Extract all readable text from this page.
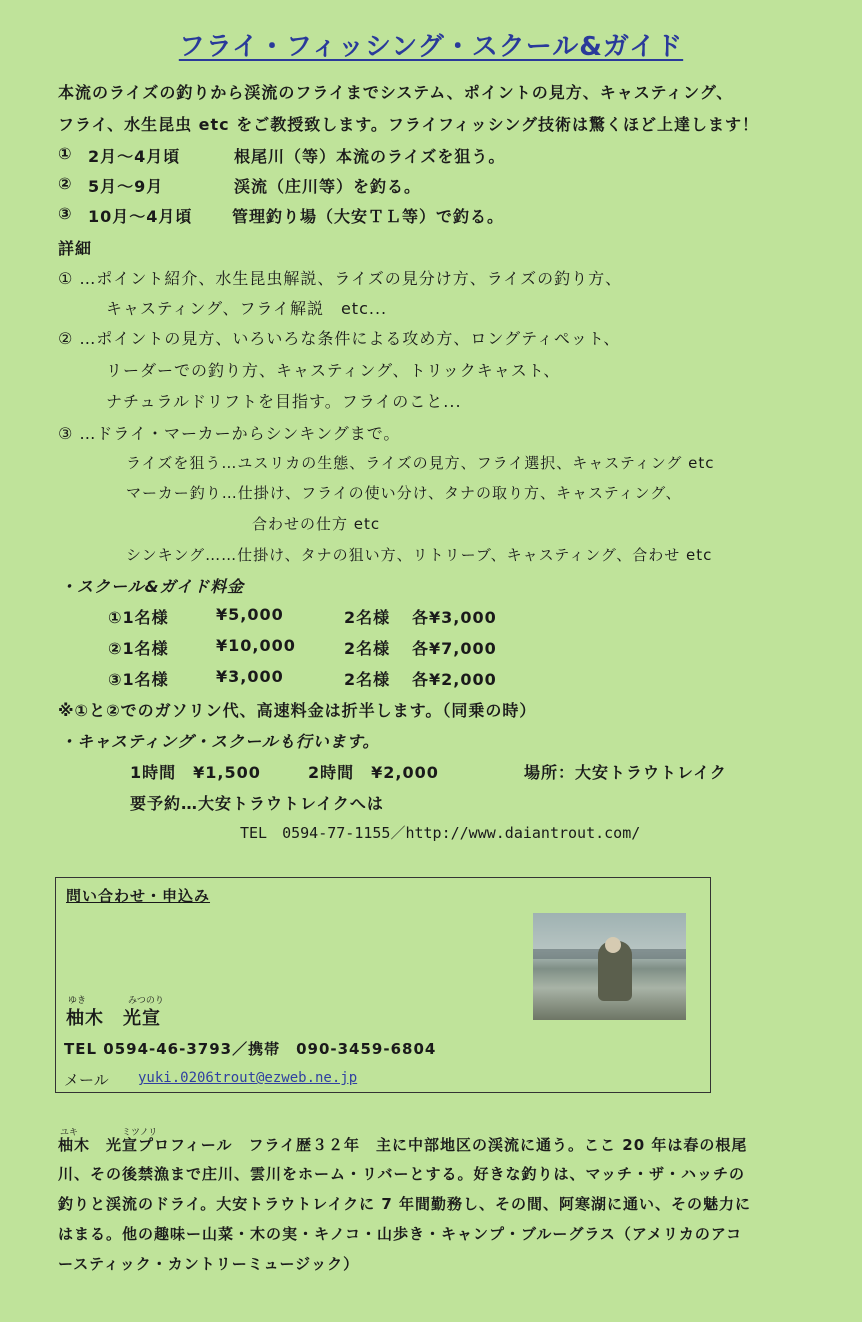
フライ・フィッシング・スクール&ガイド
本流のライズの釣りから渓流のフライまでシステム、ポイントの見方、キャスティング、
フライ、水生昆虫 etc をご教授致します。フライフィッシング技術は驚くほど上達します！
① 2月～4月頃	根尾川（等）本流のライズを狙う。
② 5月～9月	渓流（庄川等）を釣る。
③ 10月～4月頃 管理釣り場（大安ＴＬ等）で釣る。
詳細
① …ポイント紹介、水生昆虫解説、ライズの見分け方、ライズの釣り方、
キャスティング、フライ解説　etc...
② …ポイントの見方、いろいろな条件による攻め方、ロングティペット、
リーダーでの釣り方、キャスティング、トリックキャスト、
ナチュラルドリフトを目指す。フライのこと...
③ …ドライ・マーカーからシンキングまで。
ライズを狙う…ユスリカの生態、ライズの見方、フライ選択、キャスティング etc
マーカー釣り…仕掛け、フライの使い分け、タナの取り方、キャスティング、
合わせの仕方 etc
シンキング……仕掛け、タナの狙い方、リトリーブ、キャスティング、合わせ etc
・スクール&ガイド料金
①1名様	¥5,000	2名様 各¥3,000
②1名様	¥10,000	2名様 各¥7,000
③1名様	¥3,000	2名様 各¥2,000
※①と②でのガソリン代、高速料金は折半します。（同乗の時）
・キャスティング・スクールも行います。
1時間　¥1,500	2時間　¥2,000	場所：大安トラウトレイク
要予約…大安トラウトレイクへは
TEL　0594-77-1155／http://www.daiantrout.com/
問い合わせ・申込み
ゆき	みつのり
柚木　光宣
TEL 0594-46-3793／携帯　090-3459-6804
メール yuki.0206trout@ezweb.ne.jp
ユキ	ミツノリ
柚木　光宣プロフィール　フライ歴３２年　主に中部地区の渓流に通う。ここ 20 年は春の根尾
川、その後禁漁まで庄川、雲川をホーム・リバーとする。好きな釣りは、マッチ・ザ・ハッチの
釣りと渓流のドライ。大安トラウトレイクに 7 年間勤務し、その間、阿寒湖に通い、その魅力に
はまる。他の趣味ー山菜・木の実・キノコ・山歩き・キャンプ・ブルーグラス（アメリカのアコ
ースティック・カントリーミュージック）
